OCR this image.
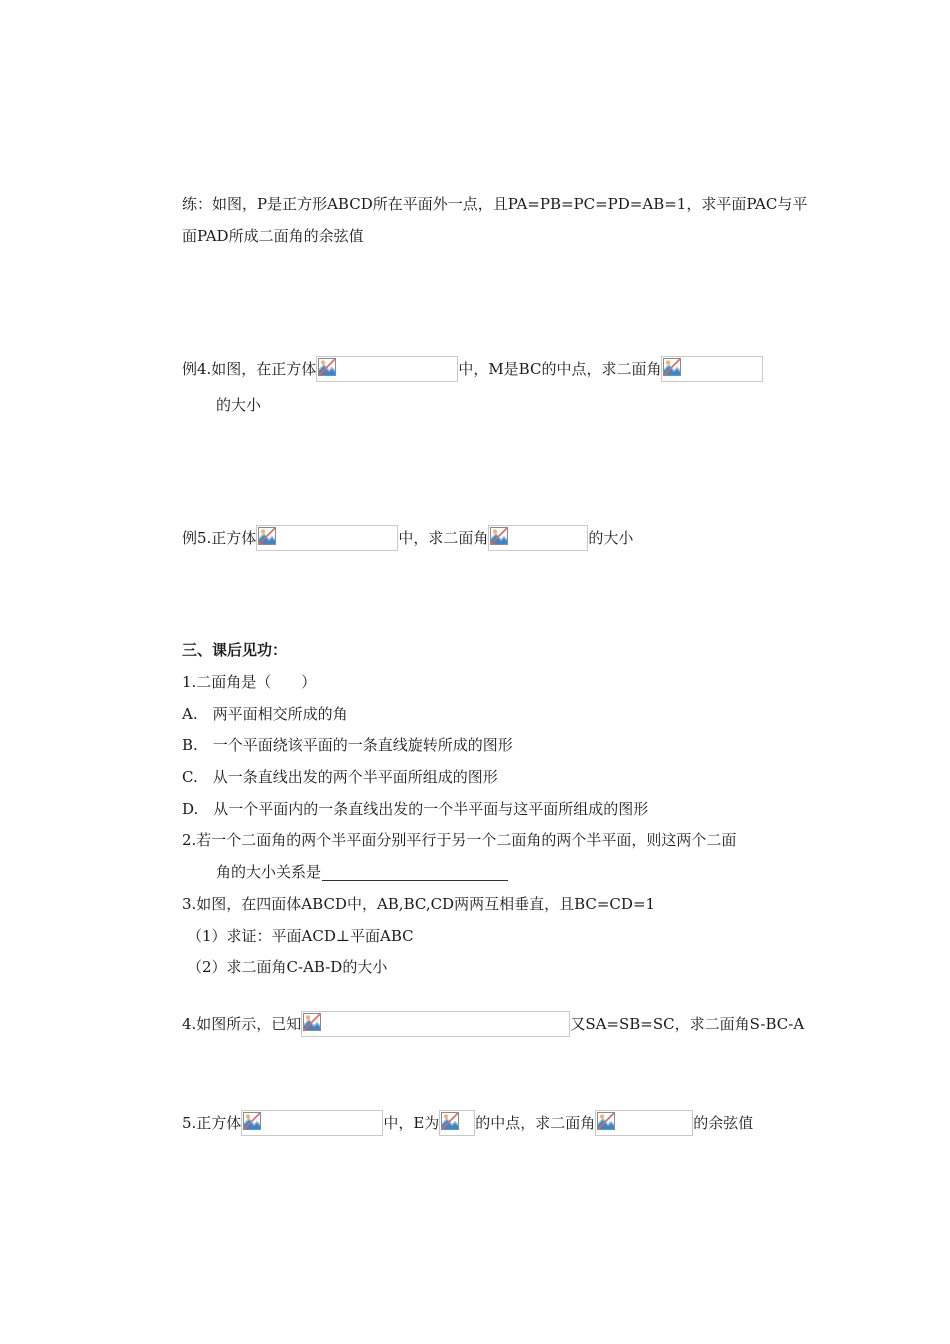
练：如图，P是正方形ABCD所在平面外一点，且PA=PB=PC=PD=AB=1，求平面PAC与平
面PAD所成二面角的余弦值
例4.如图，在正方体	中，M是BC的中点，求二面角
的大小
例5.正方体	中，求二面角	的大小
三、课后见功：
1.二面角是（　　）
A.　两平面相交所成的角
B.　一个平面绕该平面的一条直线旋转所成的图形
C.　从一条直线出发的两个半平面所组成的图形
D.　从一个平面内的一条直线出发的一个半平面与这平面所组成的图形
2.若一个二面角的两个半平面分别平行于另一个二面角的两个半平面，则这两个二面
角的大小关系是
3.如图，在四面体ABCD中，AB,BC,CD两两互相垂直，且BC=CD=1
（1）求证：平面ACD⊥平面ABC
（2）求二面角C-AB-D的大小
4.如图所示，已知	又SA=SB=SC，求二面角S-BC-A
5.正方体	中，E为 的中点，求二面角	的余弦值
